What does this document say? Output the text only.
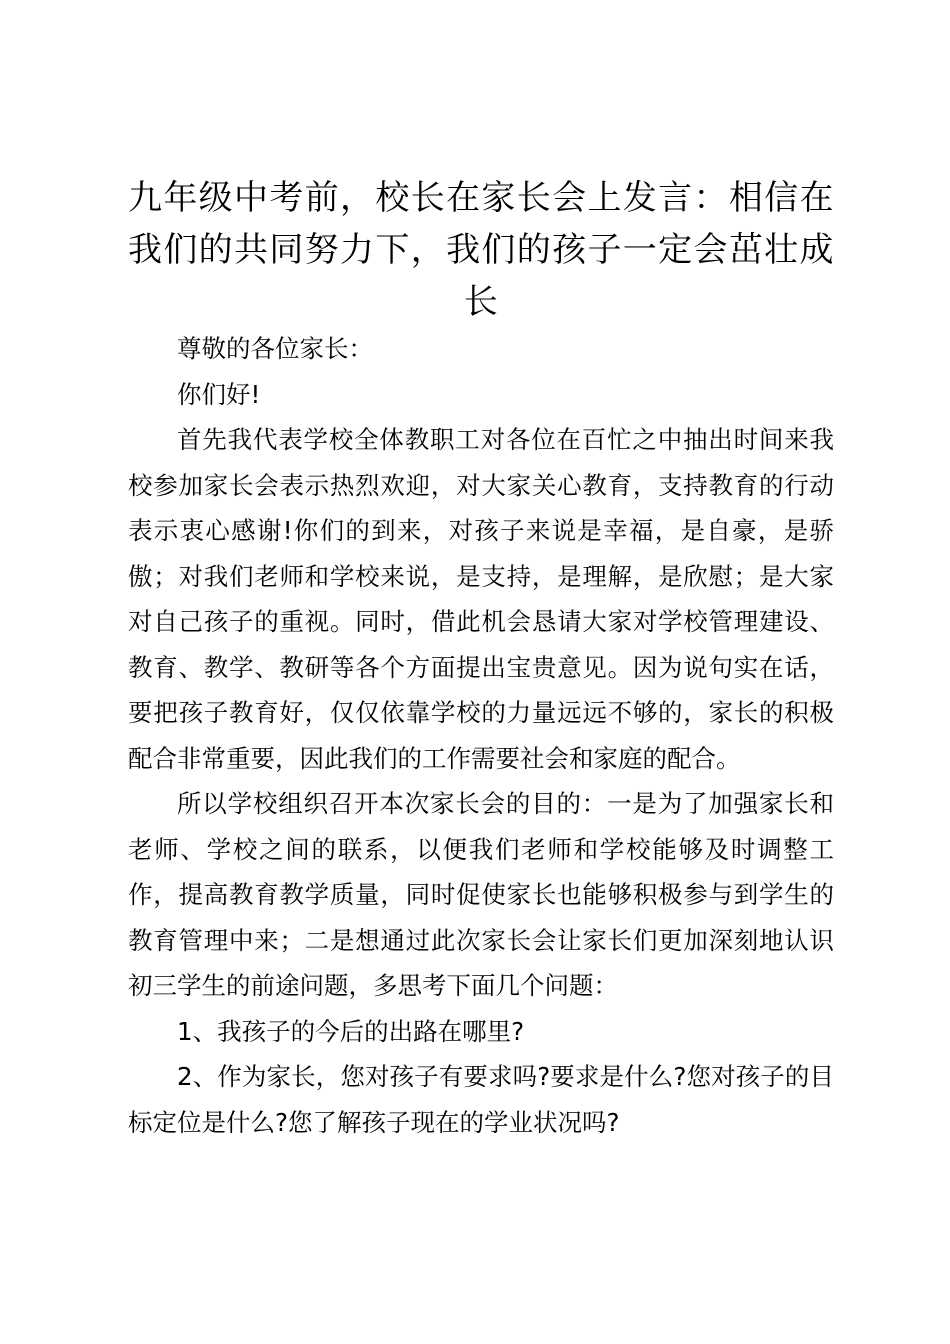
九年级中考前，校长在家长会上发言：相信在我们的共同努力下，我们的孩子一定会茁壮成长

尊敬的各位家长：

你们好!

首先我代表学校全体教职工对各位在百忙之中抽出时间来我校参加家长会表示热烈欢迎，对大家关心教育，支持教育的行动表示衷心感谢!你们的到来，对孩子来说是幸福，是自豪，是骄傲；对我们老师和学校来说，是支持，是理解，是欣慰；是大家对自己孩子的重视。同时，借此机会恳请大家对学校管理建设、教育、教学、教研等各个方面提出宝贵意见。因为说句实在话，要把孩子教育好，仅仅依靠学校的力量远远不够的，家长的积极配合非常重要，因此我们的工作需要社会和家庭的配合。

所以学校组织召开本次家长会的目的：一是为了加强家长和老师、学校之间的联系，以便我们老师和学校能够及时调整工作，提高教育教学质量，同时促使家长也能够积极参与到学生的教育管理中来；二是想通过此次家长会让家长们更加深刻地认识初三学生的前途问题，多思考下面几个问题：

1、我孩子的今后的出路在哪里?

2、作为家长，您对孩子有要求吗?要求是什么?您对孩子的目标定位是什么?您了解孩子现在的学业状况吗?
